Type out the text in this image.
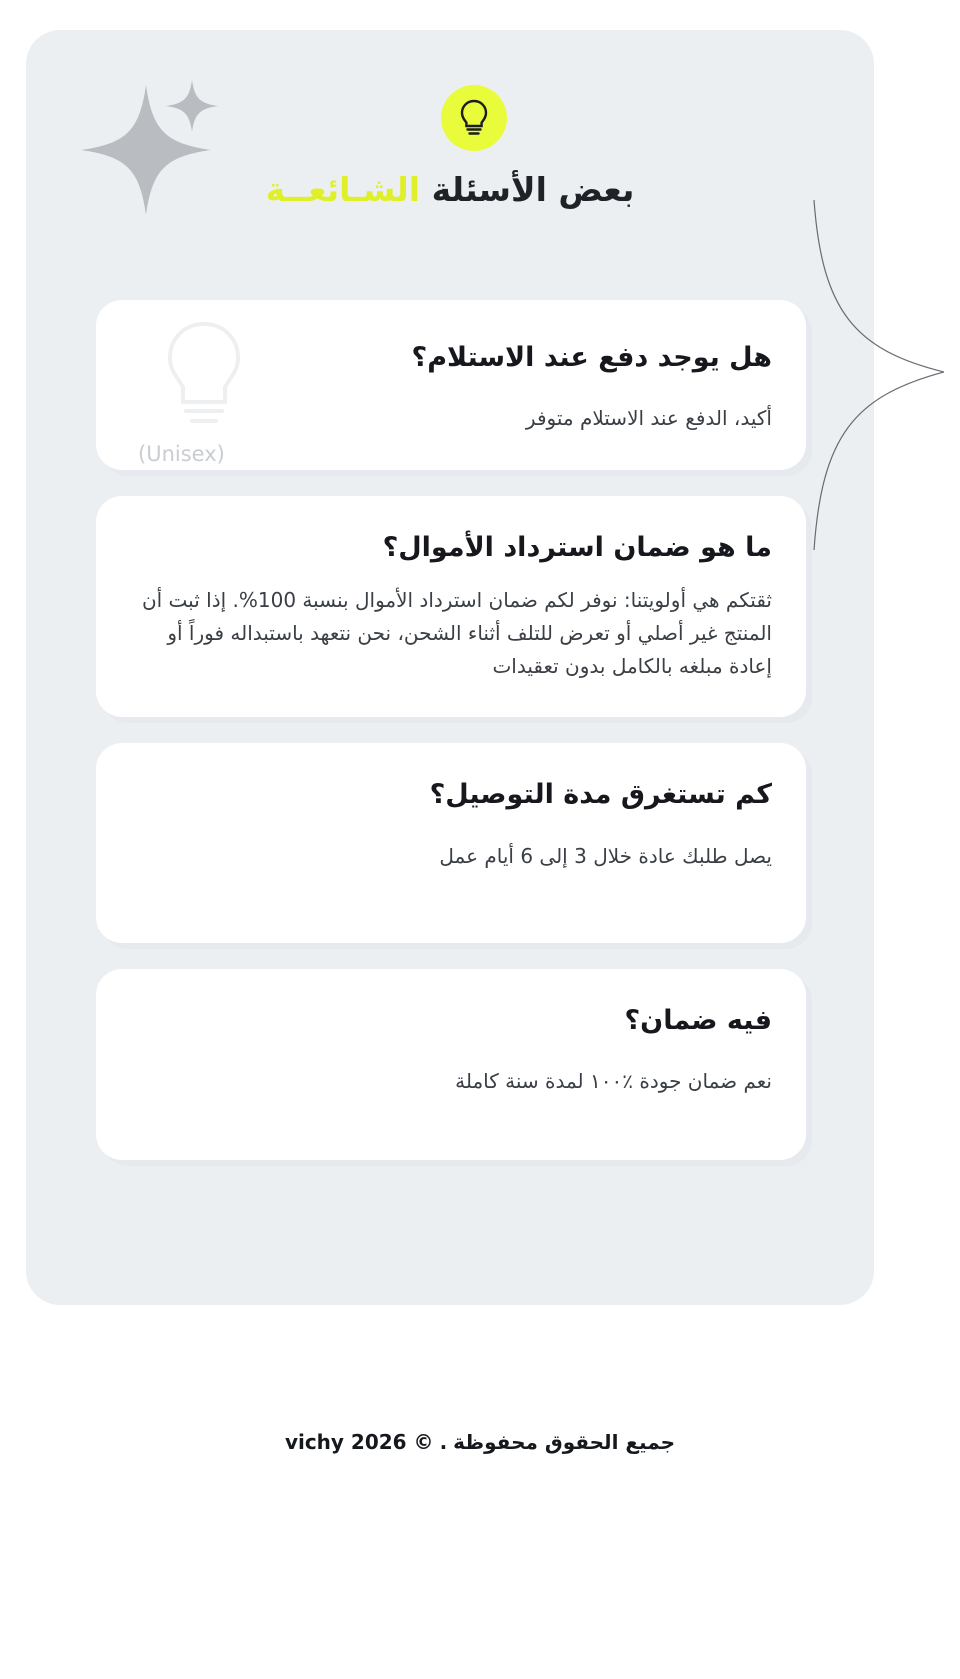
بعض الأسئلة الشـائعــة
(Unisex)
هل يوجد دفع عند الاستلام؟
أكيد، الدفع عند الاستلام متوفر
ما هو ضمان استرداد الأموال؟
ثقتكم هي أولويتنا: نوفر لكم ضمان استرداد الأموال بنسبة 100%. إذا ثبت أن المنتج غير أصلي أو تعرض للتلف أثناء الشحن، نحن نتعهد باستبداله فوراً أو إعادة مبلغه بالكامل بدون تعقيدات
كم تستغرق مدة التوصيل؟
يصل طلبك عادة خلال 3 إلى 6 أيام عمل
فيه ضمان؟
نعم ضمان جودة ٪١٠٠ لمدة سنة كاملة
جميع الحقوق محفوظة.vichy 2026 ©
